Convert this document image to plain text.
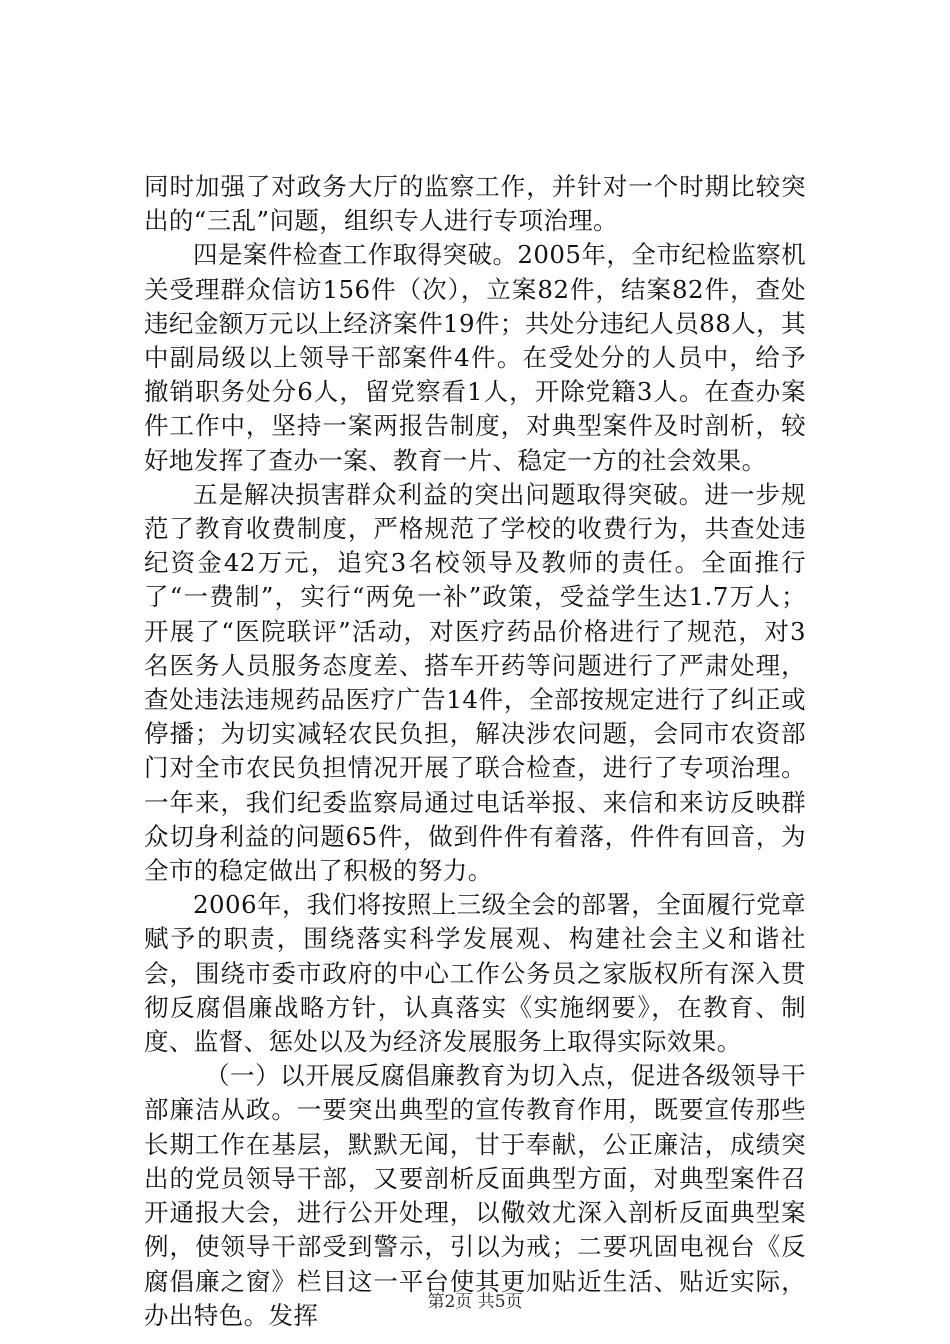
同时加强了对政务大厅的监察工作，并针对一个时期比较突出的“三乱”问题，组织专人进行专项治理。

四是案件检查工作取得突破。2005年，全市纪检监察机关受理群众信访156件（次），立案82件，结案82件，查处违纪金额万元以上经济案件19件；共处分违纪人员88人，其中副局级以上领导干部案件4件。在受处分的人员中，给予撤销职务处分6人，留党察看1人，开除党籍3人。在查办案件工作中，坚持一案两报告制度，对典型案件及时剖析，较好地发挥了查办一案、教育一片、稳定一方的社会效果。

五是解决损害群众利益的突出问题取得突破。进一步规范了教育收费制度，严格规范了学校的收费行为，共查处违纪资金42万元，追究3名校领导及教师的责任。全面推行了“一费制”，实行“两免一补”政策，受益学生达1.7万人；开展了“医院联评”活动，对医疗药品价格进行了规范，对3名医务人员服务态度差、搭车开药等问题进行了严肃处理，查处违法违规药品医疗广告14件，全部按规定进行了纠正或停播；为切实减轻农民负担，解决涉农问题，会同市农资部门对全市农民负担情况开展了联合检查，进行了专项治理。一年来，我们纪委监察局通过电话举报、来信和来访反映群众切身利益的问题65件，做到件件有着落，件件有回音，为全市的稳定做出了积极的努力。

2006年，我们将按照上三级全会的部署，全面履行党章赋予的职责，围绕落实科学发展观、构建社会主义和谐社会，围绕市委市政府的中心工作公务员之家版权所有深入贯彻反腐倡廉战略方针，认真落实《实施纲要》，在教育、制度、监督、惩处以及为经济发展服务上取得实际效果。

（一）以开展反腐倡廉教育为切入点，促进各级领导干部廉洁从政。一要突出典型的宣传教育作用，既要宣传那些长期工作在基层，默默无闻，甘于奉献，公正廉洁，成绩突出的党员领导干部，又要剖析反面典型方面，对典型案件召开通报大会，进行公开处理，以儆效尤深入剖析反面典型案例，使领导干部受到警示，引以为戒；二要巩固电视台《反腐倡廉之窗》栏目这一平台使其更加贴近生活、贴近实际，办出特色。发挥	第2页 共5页
